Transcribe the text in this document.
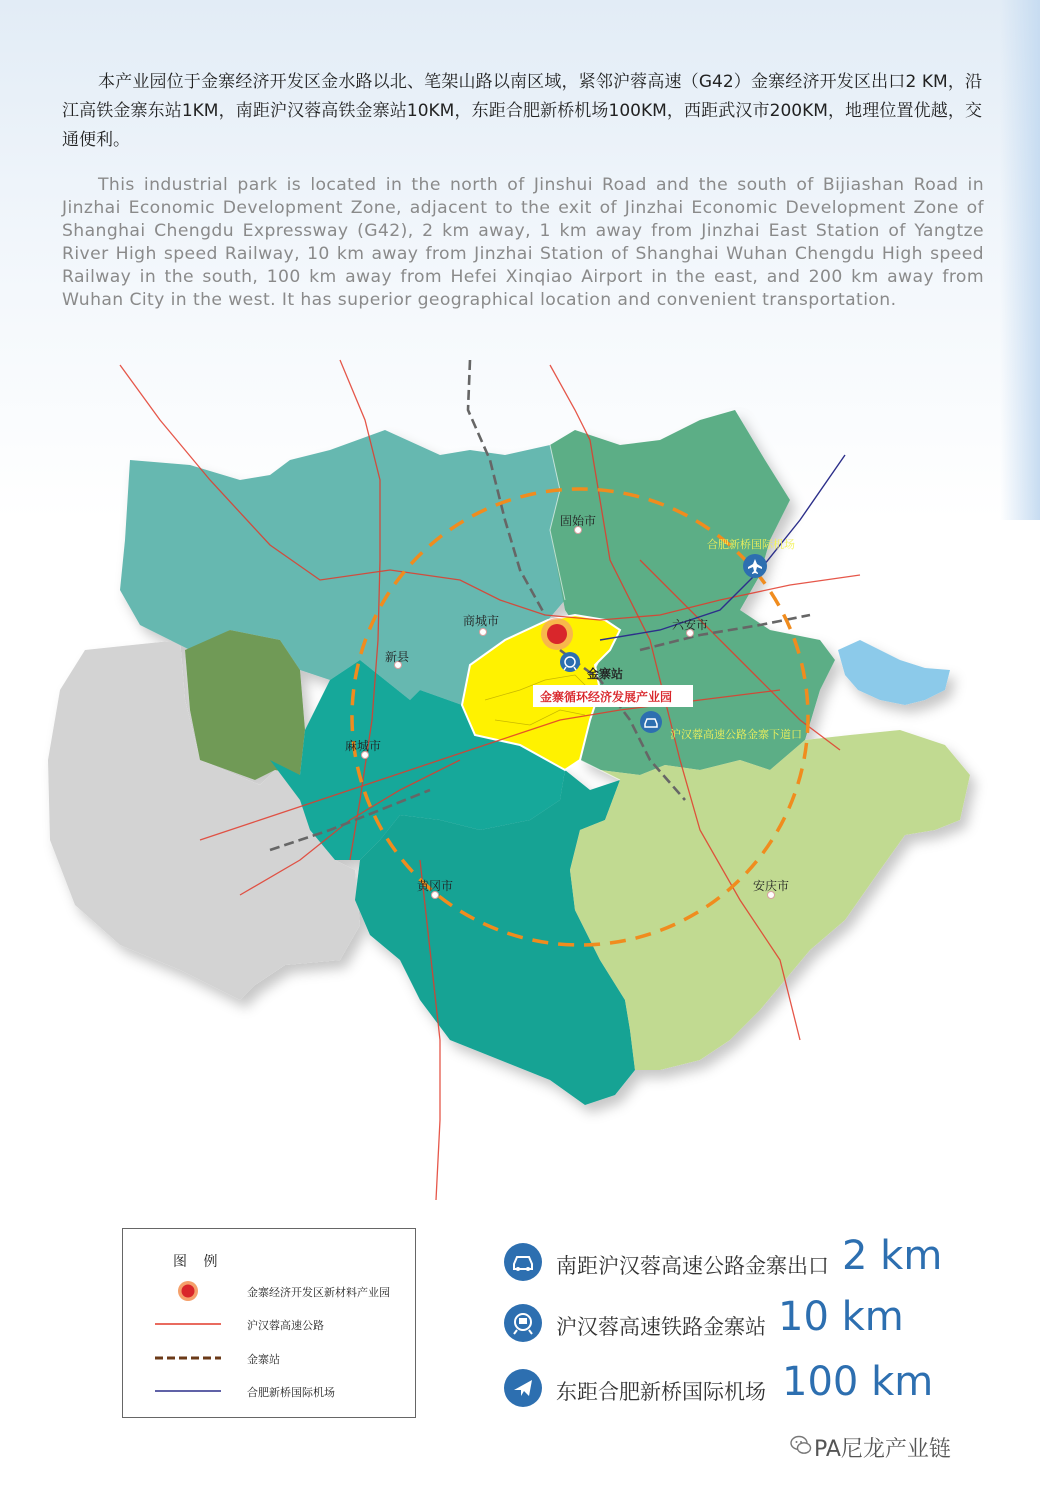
本产业园位于金寨经济开发区金水路以北、笔架山路以南区域，紧邻沪蓉高速（G42）金寨经济开发区出口2 KM，沿江高铁金寨东站1KM，南距沪汉蓉高铁金寨站10KM，东距合肥新桥机场100KM，西距武汉市200KM，地理位置优越，交通便利。

This industrial park is located in the north of Jinshui Road and the south of Bijiashan Road in Jinzhai Economic Development Zone, adjacent to the exit of Jinzhai Economic Development Zone of Shanghai Chengdu Expressway (G42), 2 km away, 1 km away from Jinzhai East Station of Yangtze River High speed Railway, 10 km away from Jinzhai Station of Shanghai Wuhan Chengdu High speed Railway in the south, 100 km away from Hefei Xinqiao Airport in the east, and 200 km away from Wuhan City in the west. It has superior geographical location and convenient transportation.

固始市
商城市
新县
六安市
麻城市
黄冈市	安庆市
合肥新桥国际机场
金寨站
金寨循环经济发展产业园
沪汉蓉高速公路金寨下道口
图 例
金寨经济开发区新材料产业园
沪汉蓉高速公路
金寨站
合肥新桥国际机场
南距沪汉蓉高速公路金寨出口 2 km
沪汉蓉高速铁路金寨站 10 km
东距合肥新桥国际机场 100 km
PA尼龙产业链
